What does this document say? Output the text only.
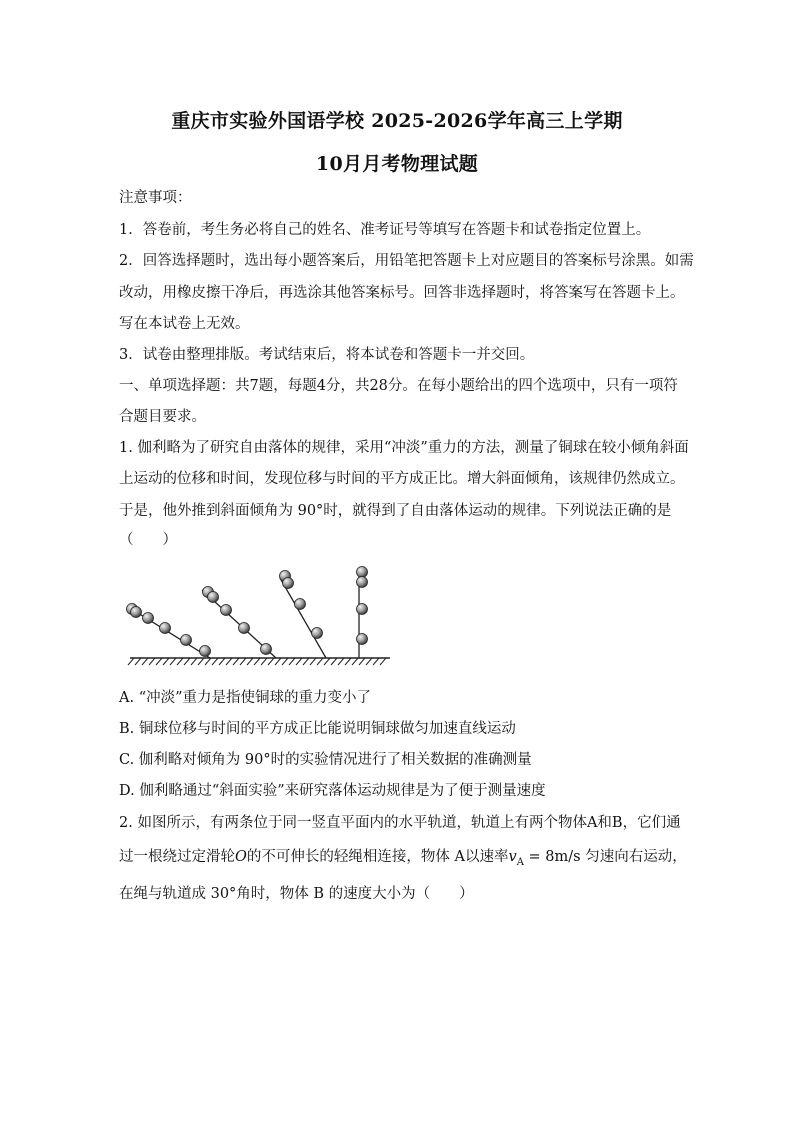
重庆市实验外国语学校 2025-2026学年高三上学期
10月月考物理试题
注意事项：
1．答卷前，考生务必将自己的姓名、准考证号等填写在答题卡和试卷指定位置上。
2．回答选择题时，选出每小题答案后，用铅笔把答题卡上对应题目的答案标号涂黑。如需
改动，用橡皮擦干净后，再选涂其他答案标号。回答非选择题时，将答案写在答题卡上。
写在本试卷上无效。
3．试卷由整理排版。考试结束后，将本试卷和答题卡一并交回。
一、单项选择题：共7题，每题4分，共28分。在每小题给出的四个选项中，只有一项符
合题目要求。
1. 伽利略为了研究自由落体的规律，采用“冲淡”重力的方法，测量了铜球在较小倾角斜面
上运动的位移和时间，发现位移与时间的平方成正比。增大斜面倾角，该规律仍然成立。
于是，他外推到斜面倾角为 90°时，就得到了自由落体运动的规律。下列说法正确的是
（　　）
A. “冲淡”重力是指使铜球的重力变小了
B. 铜球位移与时间的平方成正比能说明铜球做匀加速直线运动
C. 伽利略对倾角为 90°时的实验情况进行了相关数据的准确测量
D. 伽利略通过“斜面实验”来研究落体运动规律是为了便于测量速度
2. 如图所示，有两条位于同一竖直平面内的水平轨道，轨道上有两个物体A和B，它们通
过一根绕过定滑轮O的不可伸长的轻绳相连接，物体 A以速率$v_A = 8m/s$ 匀速向右运动，
在绳与轨道成 30°角时，物体 B 的速度大小为（　　）
